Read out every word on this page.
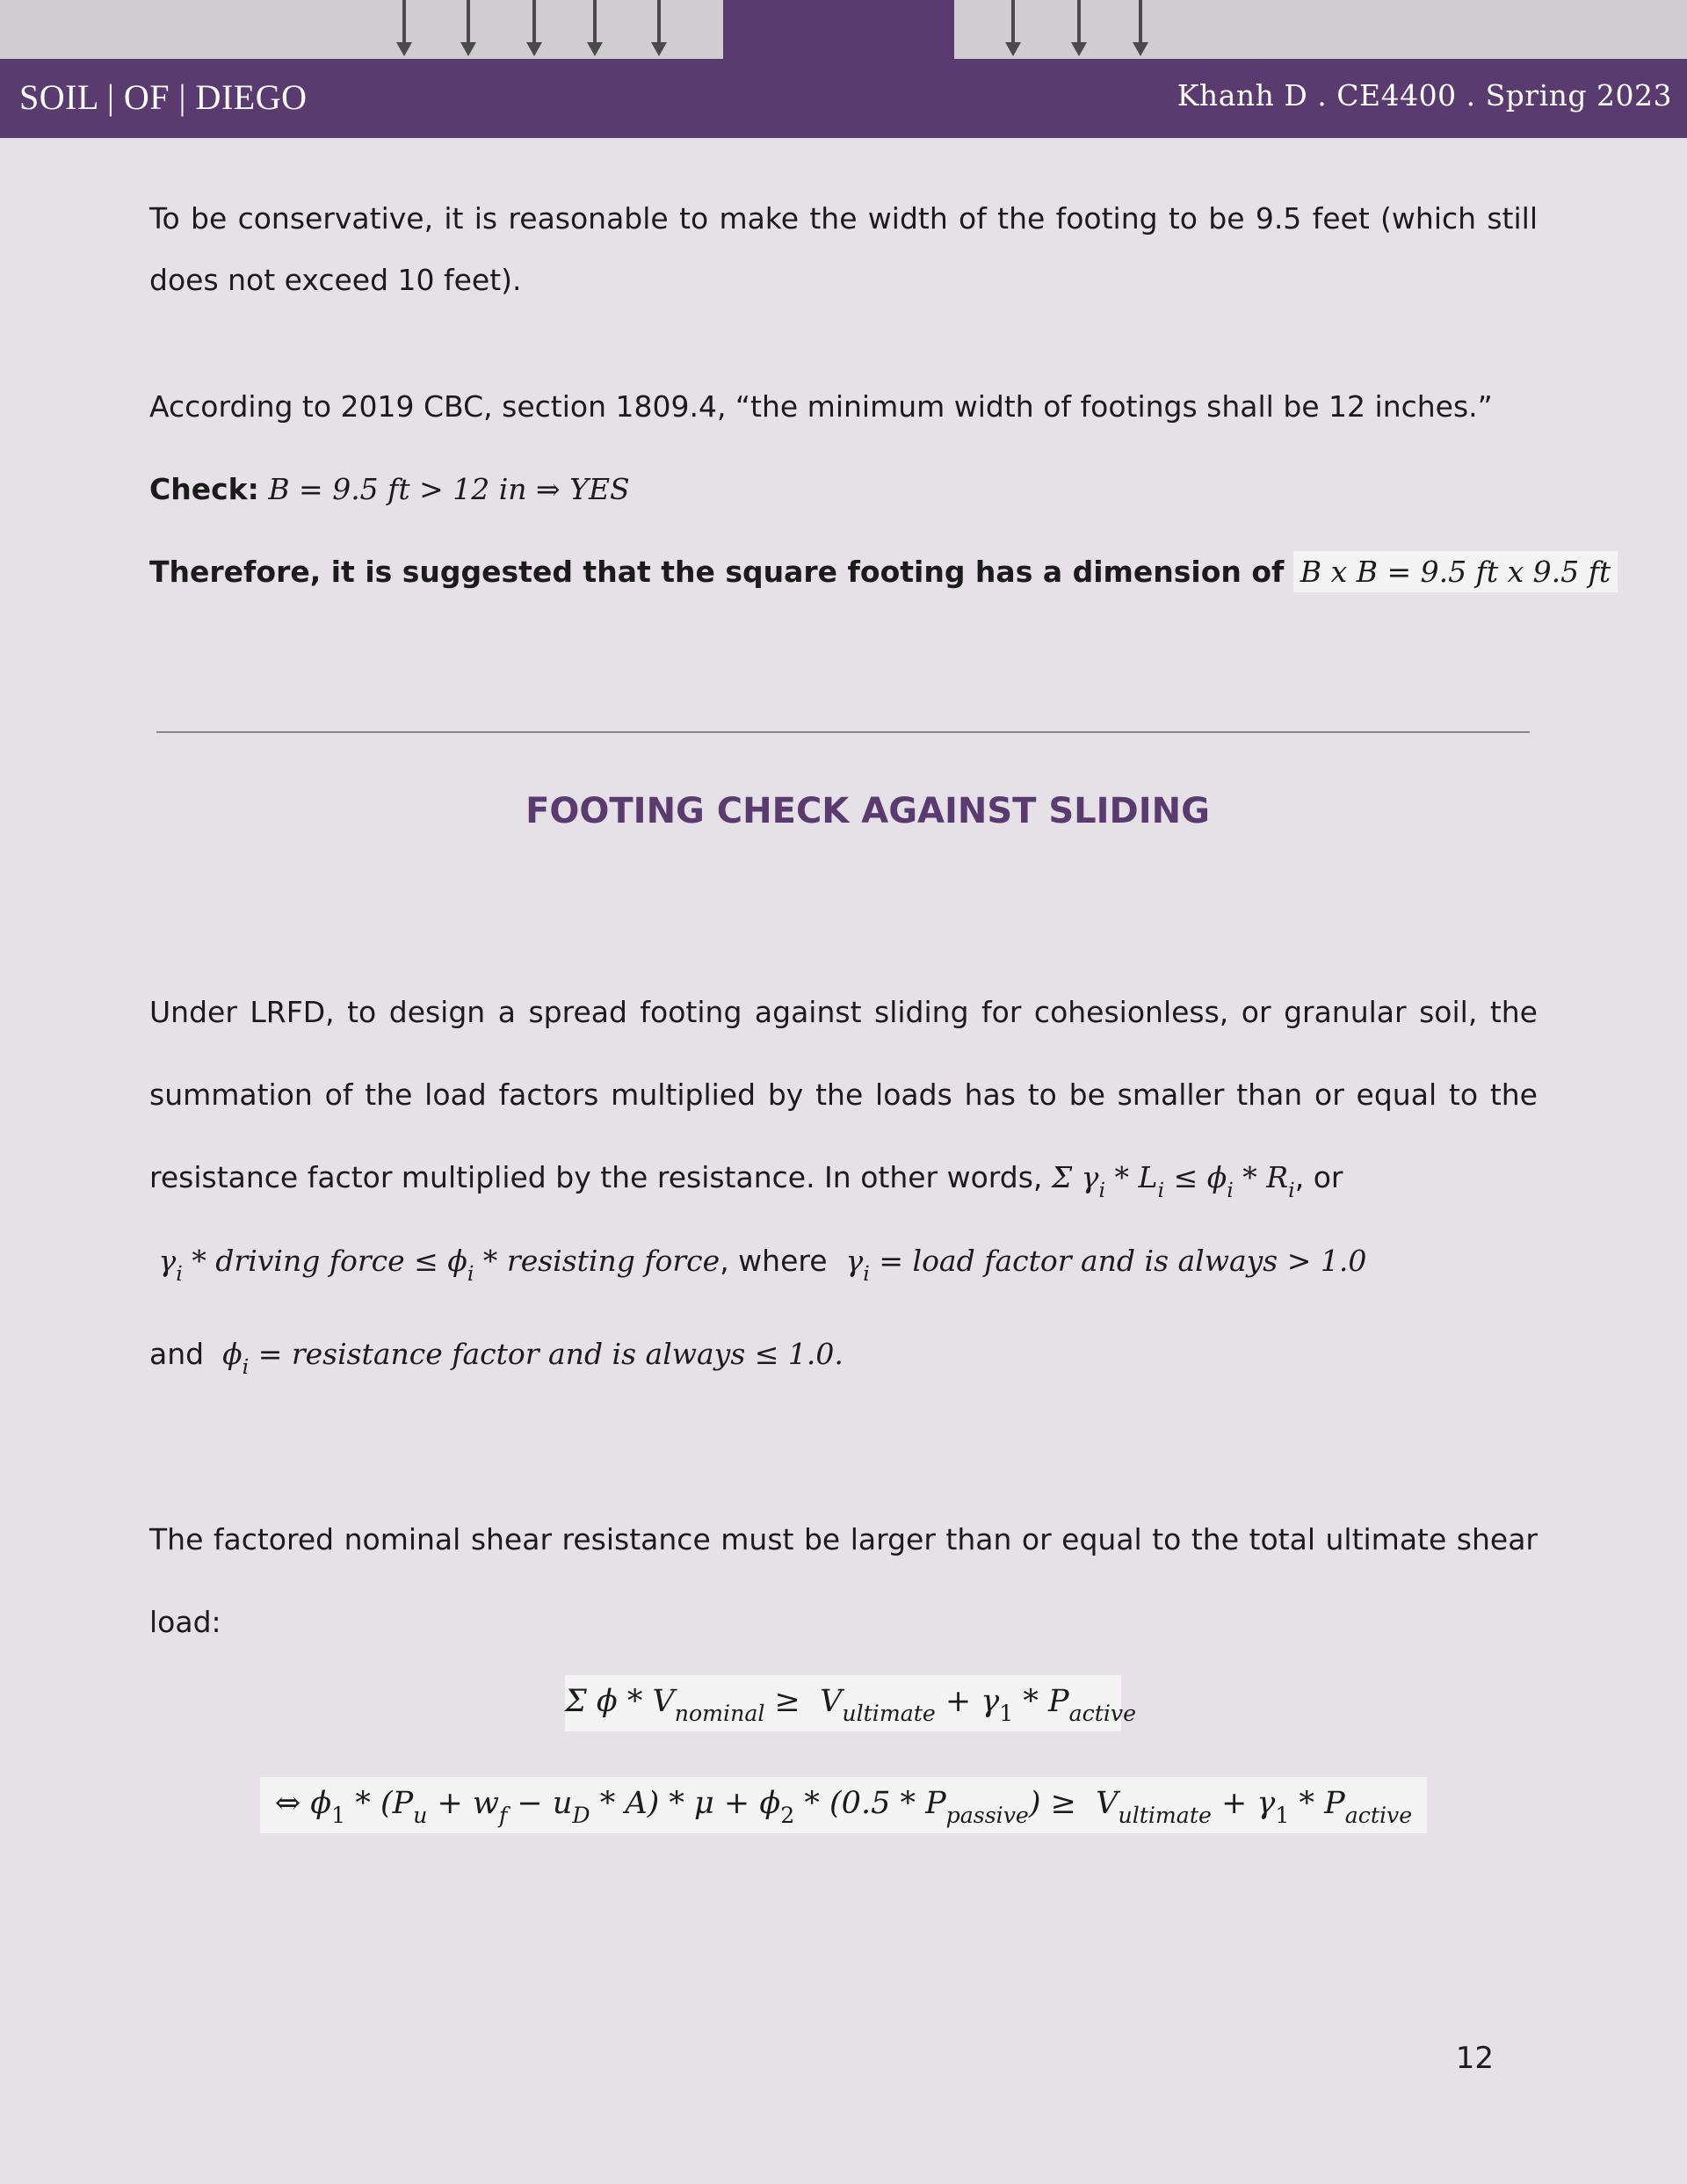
SOIL | OF | DIEGO	Khanh D . CE4400 . Spring 2023

To be conservative, it is reasonable to make the width of the footing to be 9.5 feet (which still does not exceed 10 feet).

According to 2019 CBC, section 1809.4, “the minimum width of footings shall be 12 inches.”

Check: B = 9.5 ft > 12 in ⇒ YES

Therefore, it is suggested that the square footing has a dimension of B x B = 9.5 ft x 9.5 ft

FOOTING CHECK AGAINST SLIDING

Under LRFD, to design a spread footing against sliding for cohesionless, or granular soil, the summation of the load factors multiplied by the loads has to be smaller than or equal to the resistance factor multiplied by the resistance. In other words, Σ $\gamma_i * L_i \le \phi_i * R_i$, or

$\gamma_i$ * driving force ≤ $\phi_i$ * resisting force, where  $\gamma_i$ = load factor and is always > 1.0

and  $\phi_i$ = resistance factor and is always ≤ 1.0.

The factored nominal shear resistance must be larger than or equal to the total ultimate shear load:

Σ $\phi * V_{nominal} \ge V_{ultimate} + \gamma_1 * P_{active}$
⇔ $\phi_1 * (P_u + w_f - u_D * A) * \mu + \phi_2 * (0.5 * P_{passive}) \ge V_{ultimate} + \gamma_1 * P_{active}$
12
